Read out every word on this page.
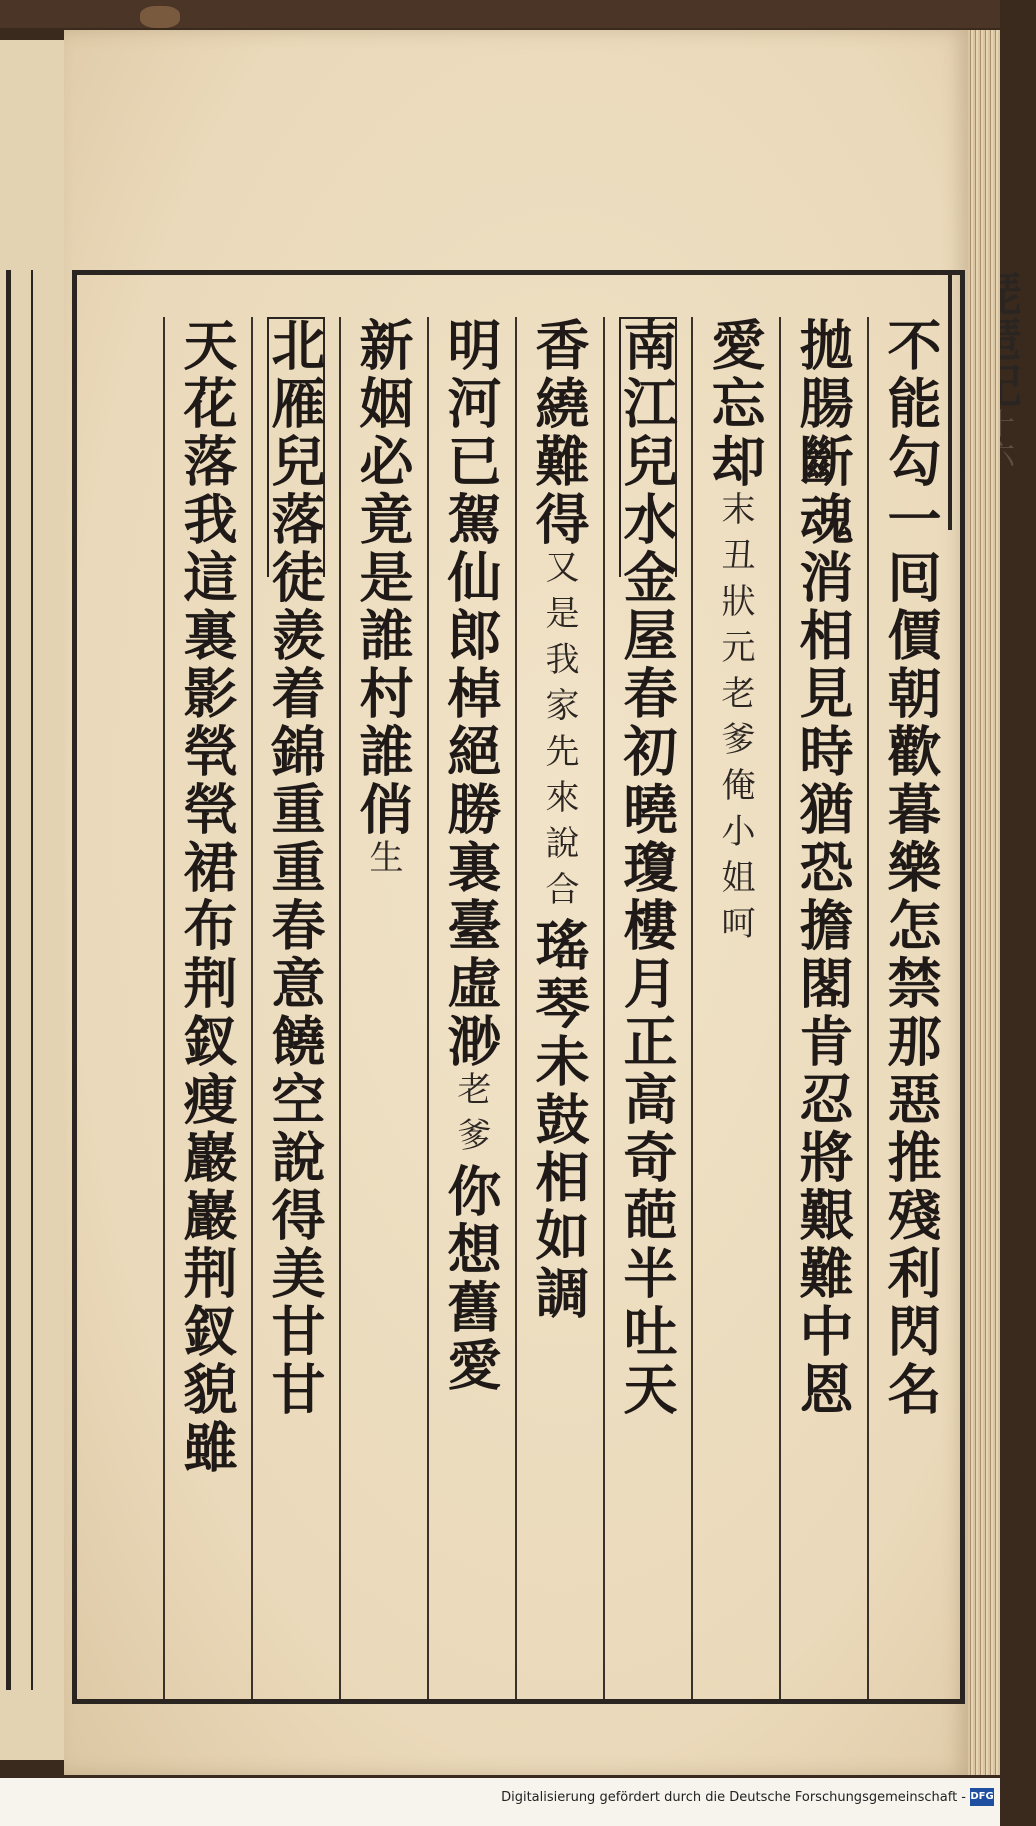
不能勾一囘價朝歡暮樂怎禁那惡推殘利閃名
拋腸斷魂消相見時猶恐擔閣肯忍將艱難中恩
愛忘却末丑狀元老爹俺小姐呵
南江兒水金屋春初曉瓊樓月正高奇葩半吐天
香繞難得又是我家先來說合瑤琴未鼓相如調
明河已駕仙郎棹絕勝裏臺虛渺老爹你想舊愛
新姻必竟是誰村誰俏生
北雁兒落徒羨着錦重重春意饒空說得美甘甘
天花落我這裏影煢煢裙布荆釵瘦巖巖荆釵貌雖
Digitalisierung gefördert durch die Deutsche Forschungsgemeinschaft - DFG
